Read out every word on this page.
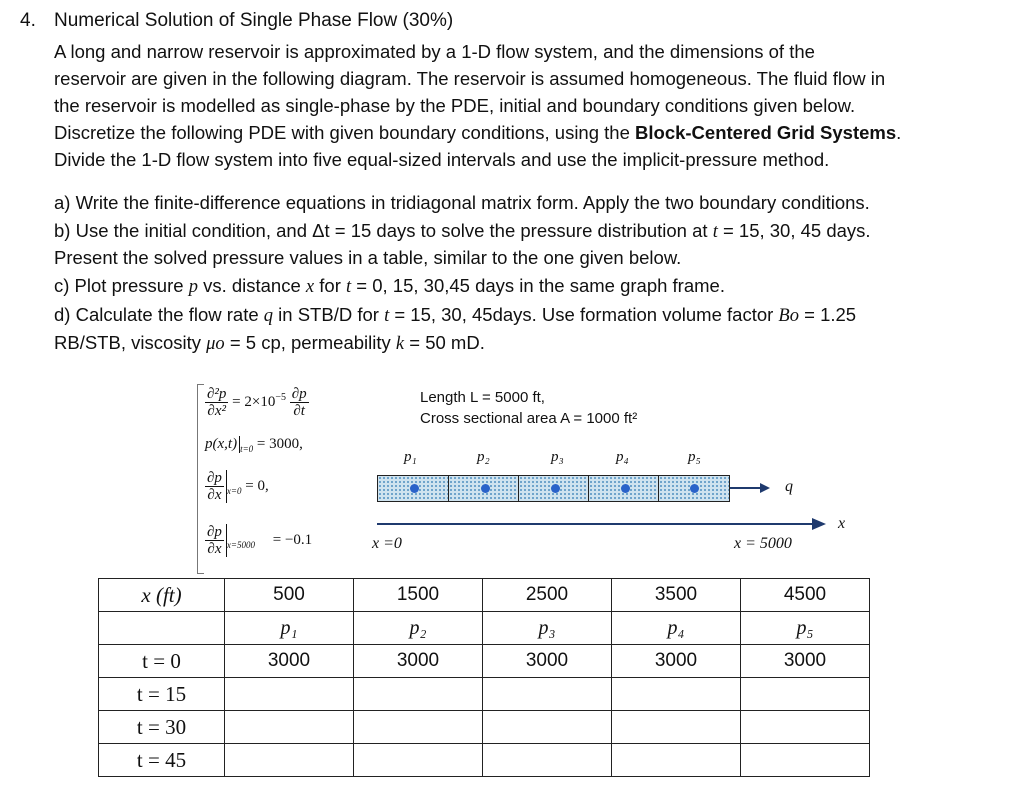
4. Numerical Solution of Single Phase Flow (30%)
A long and narrow reservoir is approximated by a 1-D flow system, and the dimensions of the
reservoir are given in the following diagram. The reservoir is assumed homogeneous. The fluid flow in
the reservoir is modelled as single-phase by the PDE, initial and boundary conditions given below.
Discretize the following PDE with given boundary conditions, using the Block-Centered Grid Systems.
Divide the 1-D flow system into five equal-sized intervals and use the implicit-pressure method.
a) Write the finite-difference equations in tridiagonal matrix form. Apply the two boundary conditions.
b) Use the initial condition, and Δt = 15 days to solve the pressure distribution at t = 15, 30, 45 days.
Present the solved pressure values in a table, similar to the one given below.
c) Plot pressure p vs. distance x for t = 0, 15, 30,45 days in the same graph frame.
d) Calculate the flow rate q in STB/D for t = 15, 30, 45days. Use formation volume factor Bo = 1.25
RB/STB, viscosity μo = 5 cp, permeability k = 50 mD.
$\frac{\text{∂²p}}{\text{∂x²}} = 2\times 10^{-5} \frac{\partial p}{\partial t}$
p(x,t) $_{t=0}$ = 3000,
$\frac{\partial p}{\partial x} _{x=0} = 0$,
$\frac{\partial p}{\partial x} _{x=5000} = -0.1$
Length L = 5000 ft,
Cross sectional area A = 1000 ft²
p₁	p₂	p₃	p₄	p₅
q
x
x =0	x = 5000
x (ft)	500	1500	2500	3500	4500
	p₁	p₂	p₃	p₄	p₅
t = 0	3000	3000	3000	3000	3000
t = 15					
t = 30					
t = 45					
